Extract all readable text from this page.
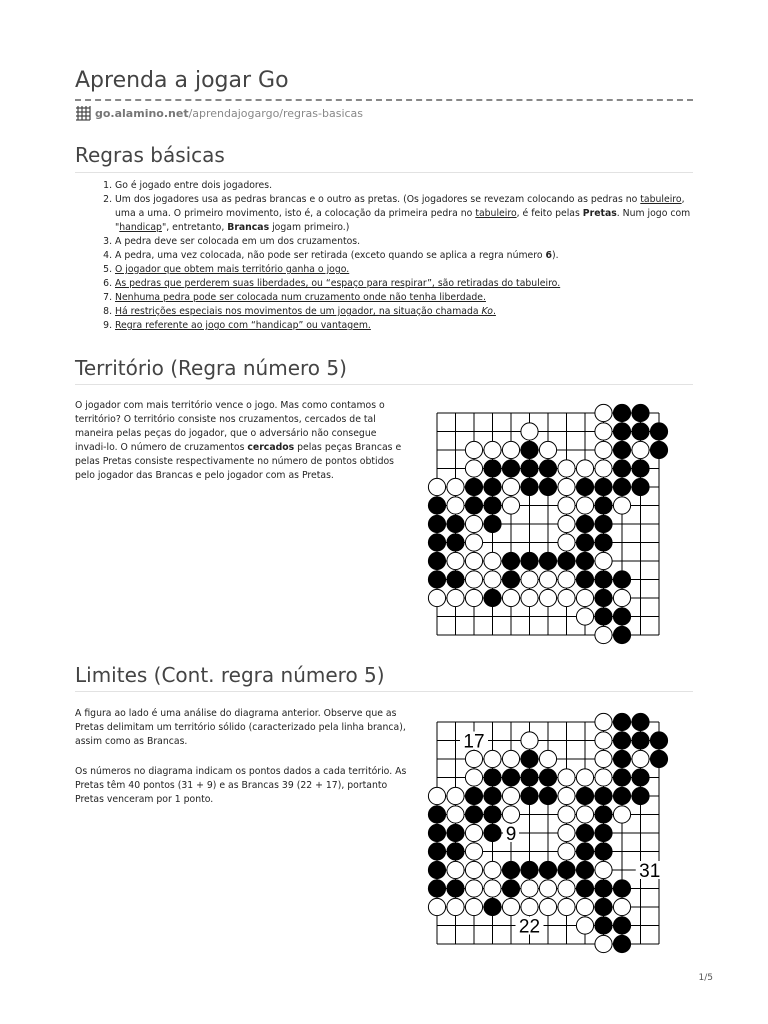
Aprenda a jogar Go
go.alamino.net/aprendajogargo/regras-basicas
Regras básicas
1. Go é jogado entre dois jogadores.
2. Um dos jogadores usa as pedras brancas e o outro as pretas. (Os jogadores se revezam colocando as pedras no tabuleiro, uma a uma. O primeiro movimento, isto é, a colocação da primeira pedra no tabuleiro, é feito pelas Pretas. Num jogo com "handicap", entretanto, Brancas jogam primeiro.)
3. A pedra deve ser colocada em um dos cruzamentos.
4. A pedra, uma vez colocada, não pode ser retirada (exceto quando se aplica a regra número 6).
5. O jogador que obtem mais território ganha o jogo.
6. As pedras que perderem suas liberdades, ou “espaço para respirar”, são retiradas do tabuleiro.
7. Nenhuma pedra pode ser colocada num cruzamento onde não tenha liberdade.
8. Há restrições especiais nos movimentos de um jogador, na situação chamada Ko.
9. Regra referente ao jogo com “handicap” ou vantagem.
Território (Regra número 5)

O jogador com mais território vence o jogo. Mas como contamos o território? O território consiste nos cruzamentos, cercados de tal maneira pelas peças do jogador, que o adversário não consegue invadi-lo. O número de cruzamentos cercados pelas peças Brancas e pelas Pretas consiste respectivamente no número de pontos obtidos pelo jogador das Brancas e pelo jogador com as Pretas.

Limites (Cont. regra número 5)

A figura ao lado é uma análise do diagrama anterior. Observe que as Pretas delimitam um território sólido (caracterizado pela linha branca), assim como as Brancas.

Os números no diagrama indicam os pontos dados a cada território. As Pretas têm 40 pontos (31 + 9) e as Brancas 39 (22 + 17), portanto Pretas venceram por 1 ponto.

17
9
31
22
1/5
